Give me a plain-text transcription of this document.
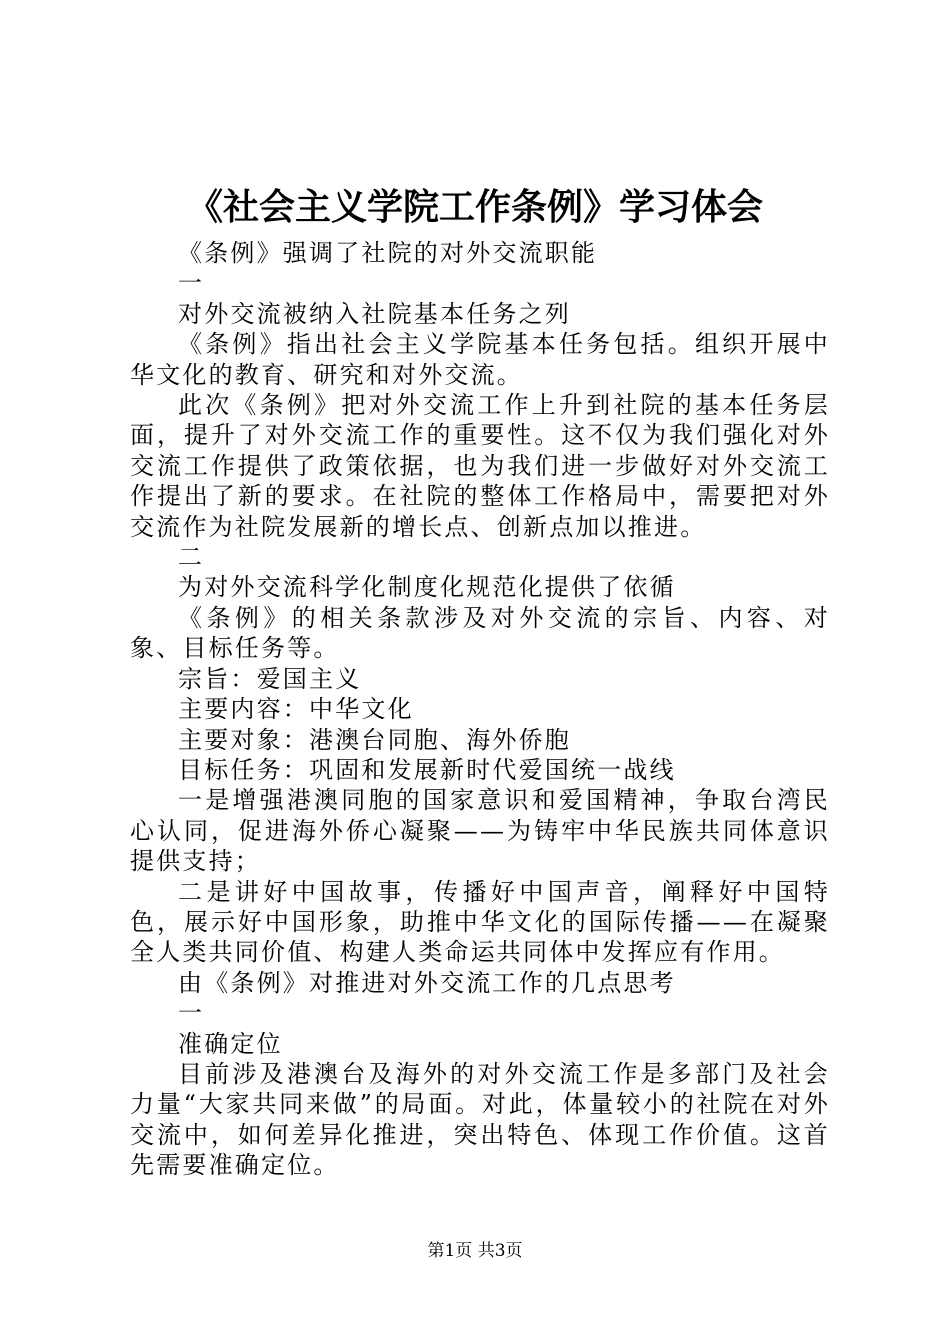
《社会主义学院工作条例》学习体会

《条例》强调了社院的对外交流职能

一

对外交流被纳入社院基本任务之列

《条例》指出社会主义学院基本任务包括。组织开展中华文化的教育、研究和对外交流。

此次《条例》把对外交流工作上升到社院的基本任务层面，提升了对外交流工作的重要性。这不仅为我们强化对外交流工作提供了政策依据，也为我们进一步做好对外交流工作提出了新的要求。在社院的整体工作格局中，需要把对外交流作为社院发展新的增长点、创新点加以推进。

二

为对外交流科学化制度化规范化提供了依循

《条例》的相关条款涉及对外交流的宗旨、内容、对象、目标任务等。

宗旨：爱国主义

主要内容：中华文化

主要对象：港澳台同胞、海外侨胞

目标任务：巩固和发展新时代爱国统一战线

一是增强港澳同胞的国家意识和爱国精神，争取台湾民心认同，促进海外侨心凝聚——为铸牢中华民族共同体意识提供支持；

二是讲好中国故事，传播好中国声音，阐释好中国特色，展示好中国形象，助推中华文化的国际传播——在凝聚全人类共同价值、构建人类命运共同体中发挥应有作用。

由《条例》对推进对外交流工作的几点思考

一

准确定位

目前涉及港澳台及海外的对外交流工作是多部门及社会力量“大家共同来做”的局面。对此，体量较小的社院在对外交流中，如何差异化推进，突出特色、体现工作价值。这首先需要准确定位。

第1页 共3页
